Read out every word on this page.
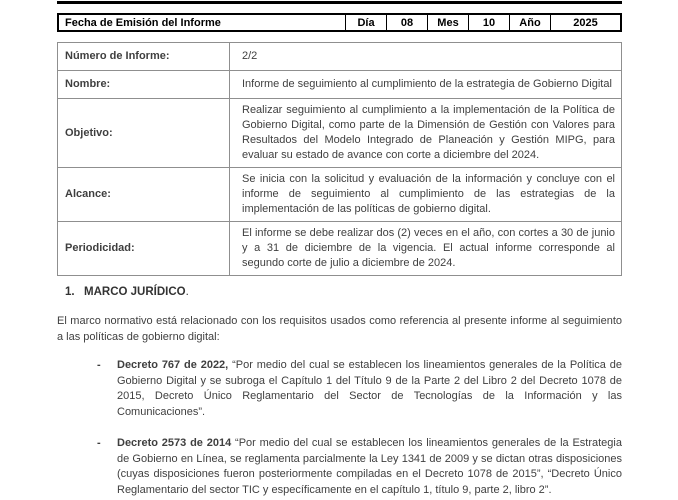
Fecha de Emisión del Informe	Día	08	Mes	10	Año	2025
Número de Informe:	2/2
Nombre:	Informe de seguimiento al cumplimiento de la estrategia de Gobierno Digital
Objetivo:	Realizar seguimiento al cumplimiento a la implementación de la Política de Gobierno Digital, como parte de la Dimensión de Gestión con Valores para Resultados del Modelo Integrado de Planeación y Gestión MIPG, para evaluar su estado de avance con corte a diciembre del 2024.
Alcance:	Se inicia con la solicitud y evaluación de la información y concluye con el informe de seguimiento al cumplimiento de las estrategias de la implementación de las políticas de gobierno digital.
Periodicidad:	El informe se debe realizar dos (2) veces en el año, con cortes a 30 de junio y a 31 de diciembre de la vigencia. El actual informe corresponde al segundo corte de julio a diciembre de 2024.
1. MARCO JURÍDICO.

El marco normativo está relacionado con los requisitos usados como referencia al presente informe al seguimiento a las políticas de gobierno digital:

-	Decreto 767 de 2022, “Por medio del cual se establecen los lineamientos generales de la Política de Gobierno Digital y se subroga el Capítulo 1 del Título 9 de la Parte 2 del Libro 2 del Decreto 1078 de 2015, Decreto Único Reglamentario del Sector de Tecnologías de la Información y las Comunicaciones”.
-	Decreto 2573 de 2014 “Por medio del cual se establecen los lineamientos generales de la Estrategia de Gobierno en Línea, se reglamenta parcialmente la Ley 1341 de 2009 y se dictan otras disposiciones (cuyas disposiciones fueron posteriormente compiladas en el Decreto 1078 de 2015”, “Decreto Único Reglamentario del sector TIC y específicamente en el capítulo 1, título 9, parte 2, libro 2”.
